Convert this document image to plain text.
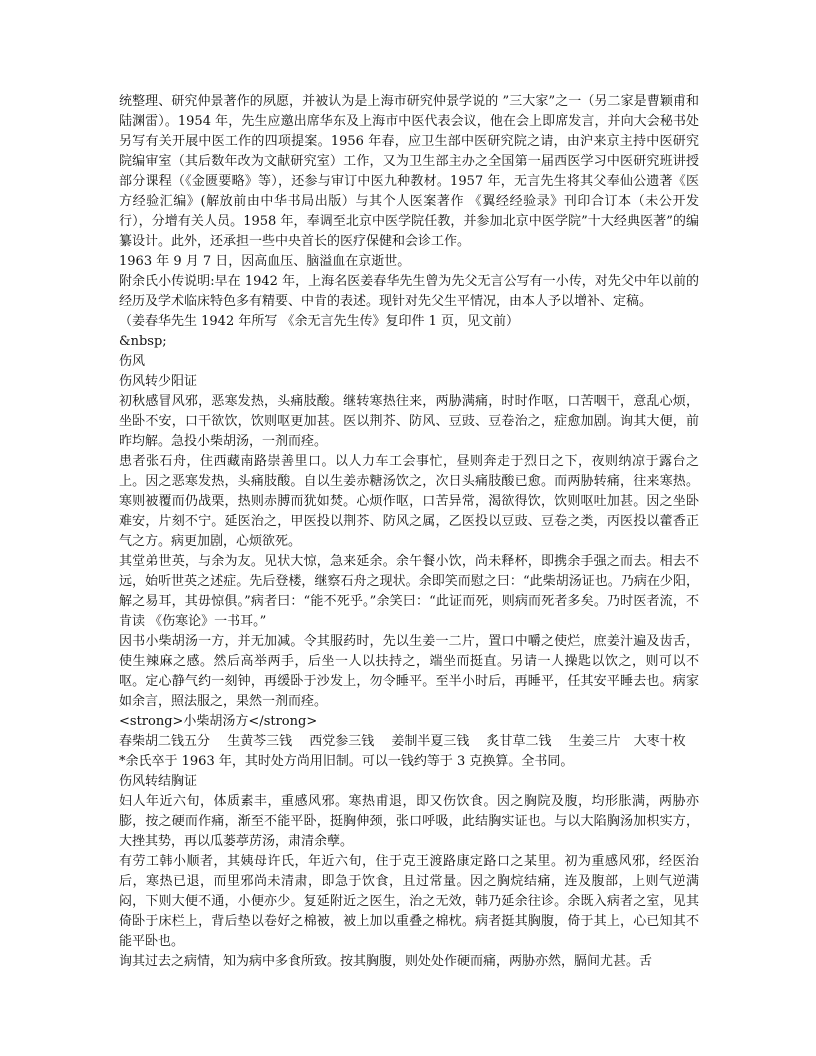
统整理、研究仲景著作的夙愿，并被认为是上海市研究仲景学说的 ”三大家”之一（另二家是曹颖甫和陆渊雷）。1954 年，先生应邀出席华东及上海市中医代表会议，他在会上即席发言，并向大会秘书处另写有关开展中医工作的四项提案。1956 年春，应卫生部中医研究院之请，由沪来京主持中医研究院编审室（其后数年改为文献研究室）工作，又为卫生部主办之全国第一届西医学习中医研究班讲授部分课程（《金匮要略》等），还参与审订中医九种教材。1957 年，无言先生将其父奉仙公遗著《医方经验汇编》(解放前由中华书局出版）与其个人医案著作 《翼经经验录》刊印合订本（未公开发行），分增有关人员。1958 年，奉调至北京中医学院任教，并参加北京中医学院”十大经典医著”的编纂设计。此外，还承担一些中央首长的医疗保健和会诊工作。

1963 年 9 月 7 日，因高血压、脑溢血在京逝世。

附余氏小传说明:早在 1942 年，上海名医姜春华先生曾为先父无言公写有一小传，对先父中年以前的经历及学术临床特色多有精要、中肯的表述。现针对先父生平情况，由本人予以增补、定稿。

（姜春华先生 1942 年所写 《余无言先生传》复印件 1 页，见文前）

&nbsp;

伤风

伤风转少阳证

初秋感冒风邪，恶寒发热，头痛肢酸。继转寒热往来，两胁满痛，时时作呕，口苦咽干，意乱心烦，坐卧不安，口干欲饮，饮则呕更加甚。医以荆芥、防风、豆豉、豆卷治之，症愈加剧。询其大便，前昨均解。急投小柴胡汤，一剂而痊。

患者张石舟，住西藏南路崇善里口。以人力车工会事忙，昼则奔走于烈日之下，夜则纳凉于露台之上。因之恶寒发热，头痛肢酸。自以生姜赤糖汤饮之，次日头痛肢酸已愈。而两胁转痛，往来寒热。寒则被覆而仍战栗，热则赤膊而犹如焚。心烦作呕，口苦异常，渴欲得饮，饮则呕吐加甚。因之坐卧难安，片刻不宁。延医治之，甲医投以荆芥、防风之属，乙医投以豆豉、豆卷之类，丙医投以藿香正气之方。病更加剧，心烦欲死。

其堂弟世英，与余为友。见状大惊，急来延余。余午餐小饮，尚未释杯，即携余手强之而去。相去不远，始听世英之述症。先后登楼，继察石舟之现状。余即笑而慰之曰：“此柴胡汤证也。乃病在少阳，解之易耳，其毋惊俱。”病者曰：“能不死乎。”余笑曰：“此证而死，则病而死者多矣。乃时医者流，不肯读 《伤寒论》一书耳。”

因书小柴胡汤一方，并无加减。令其服药时，先以生姜一二片，置口中嚼之使烂，庶姜汁遍及齿舌，使生辣麻之感。然后高举两手，后坐一人以扶持之，端坐而挺直。另请一人操匙以饮之，则可以不呕。定心静气约一刻钟，再缓卧于沙发上，勿令睡平。至半小时后，再睡平，任其安平睡去也。病家如余言，照法服之，果然一剂而痊。

<strong>小柴胡汤方</strong>

春柴胡二钱五分　 生黄芩三钱　 西党参三钱　 姜制半夏三钱　 炙甘草二钱　 生姜三片　大枣十枚

*余氏卒于 1963 年，其时处方尚用旧制。可以一钱约等于 3 克换算。全书同。

伤风转结胸证

妇人年近六旬，体质素丰，重感风邪。寒热甫退，即又伤饮食。因之胸院及腹，均形胀满，两胁亦膨，按之硬而作痛，渐至不能平卧，挺胸伸颈，张口呼吸，此结胸实证也。与以大陷胸汤加枳实方，大挫其势，再以瓜蒌葶苈汤，肃清余孽。

有劳工韩小顺者，其姨母许氏，年近六旬，住于克王渡路康定路口之某里。初为重感风邪，经医治后，寒热已退，而里邪尚未清肃，即急于饮食，且过常量。因之胸烷结痛，连及腹部，上则气逆满闷，下则大便不通，小便亦少。复延附近之医生，治之无效，韩乃延余往诊。余既入病者之室，见其倚卧于床栏上，背后垫以卷好之棉被，被上加以重叠之棉枕。病者挺其胸腹，倚于其上，心已知其不能平卧也。

询其过去之病情，知为病中多食所致。按其胸腹，则处处作硬而痛，两胁亦然，膈间尤甚。舌
